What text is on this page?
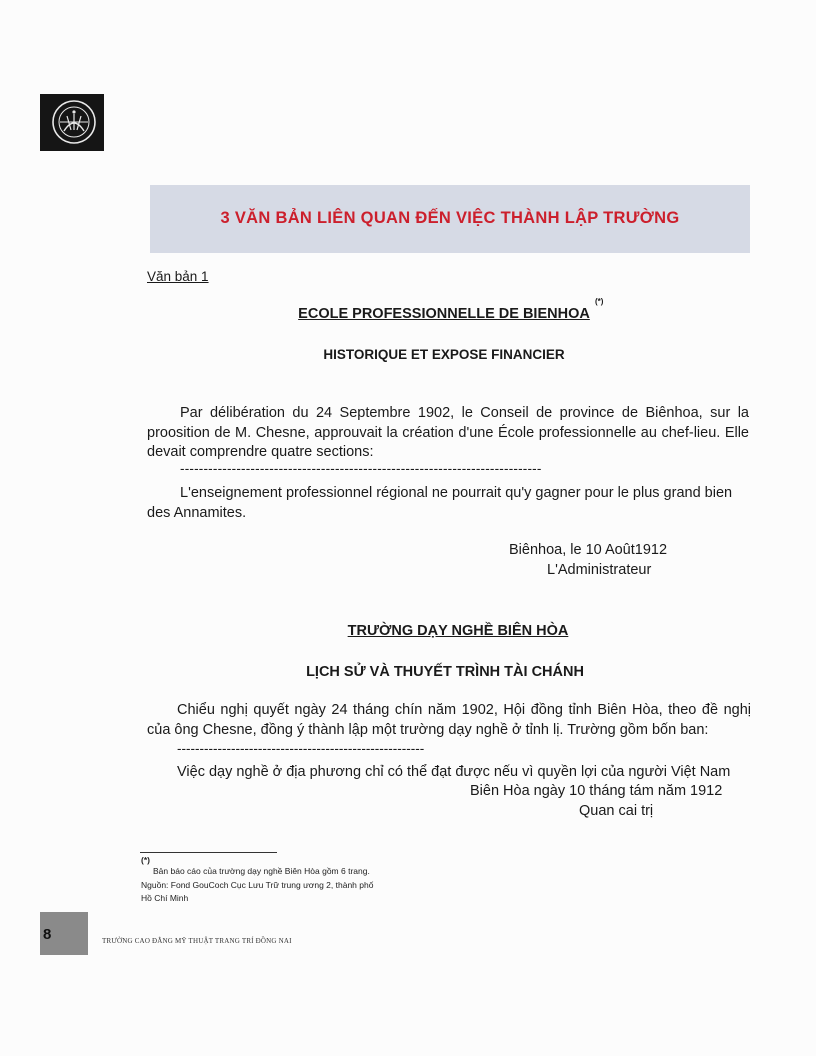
3 VĂN BẢN LIÊN QUAN ĐẾN VIỆC THÀNH LẬP TRƯỜNG
Văn bản 1
ECOLE PROFESSIONNELLE DE BIENHOA
(*)
HISTORIQUE ET EXPOSE FINANCIER

Par délibération du 24 Septembre 1902, le Conseil de province de Biênhoa, sur la proosition de M. Chesne, approuvait la création d'une École professionnelle au chef-lieu. Elle devait comprendre quatre sections:

-----------------------------------------------------------------------------

L'enseignement professionnel régional ne pourrait qu'y gagner pour le plus grand bien des Annamites.

Biênhoa, le 10 Août1912
L'Administrateur
TRƯỜNG DẠY NGHỀ BIÊN HÒA
LỊCH SỬ VÀ THUYẾT TRÌNH TÀI CHÁNH

Chiểu nghị quyết ngày 24 tháng chín năm 1902, Hội đồng tỉnh Biên Hòa, theo đề nghị của ông Chesne, đồng ý thành lập một trường dạy nghề ở tỉnh lị. Trường gồm bốn ban:

-------------------------------------------------------
Việc dạy nghề ở địa phương chỉ có thể đạt được nếu vì quyền lợi của người Việt Nam
Biên Hòa ngày 10 tháng tám năm 1912
Quan cai trị
(*)
Bản báo cáo của trường dạy nghề Biên Hòa gồm 6 trang.
Nguồn: Fond GouCoch Cục Lưu Trữ trung ương 2, thành phố
Hồ Chí Minh
8	TRƯỜNG CAO ĐẲNG MỸ THUẬT TRANG TRÍ ĐỒNG NAI
